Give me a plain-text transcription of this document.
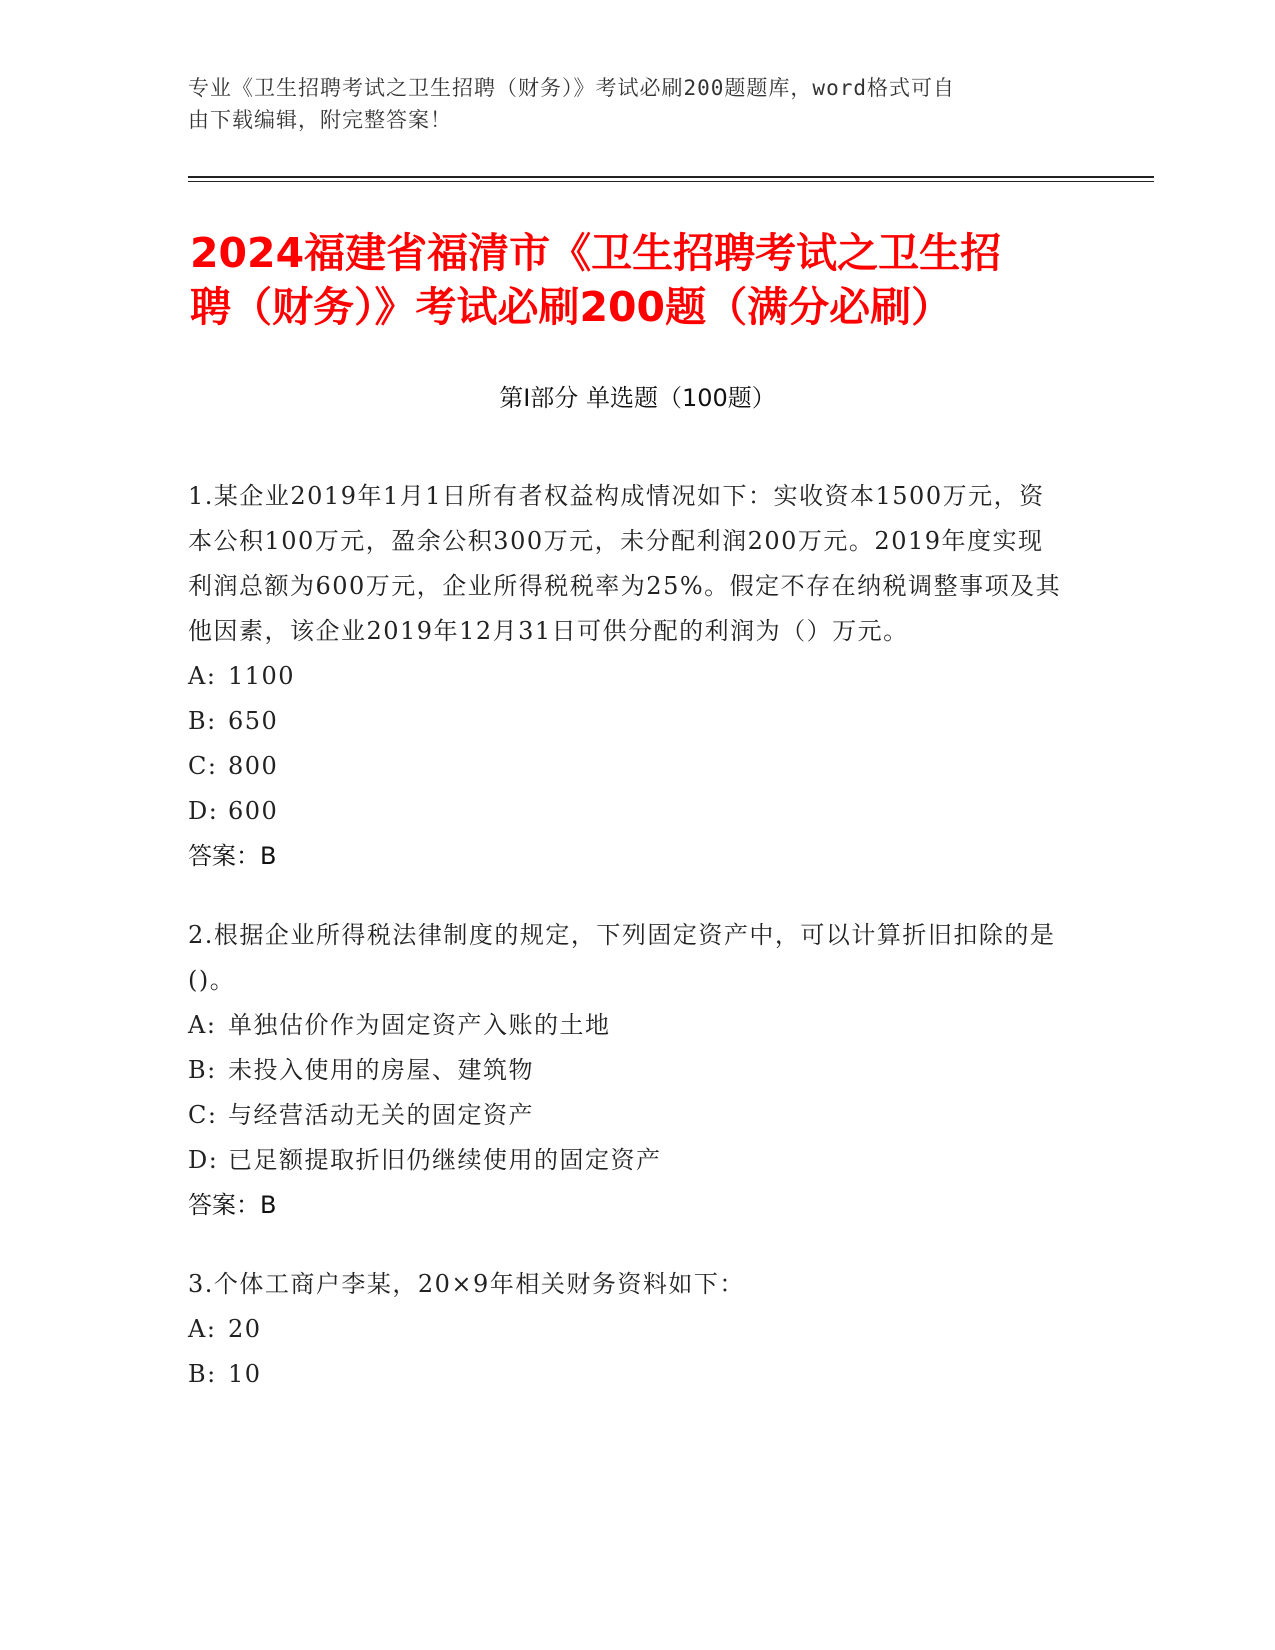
专业《卫生招聘考试之卫生招聘（财务）》考试必刷200题题库，word格式可自
由下载编辑，附完整答案！
2024福建省福清市《卫生招聘考试之卫生招
聘（财务）》考试必刷200题（满分必刷）
第Ⅰ部分 单选题（100题）
1.某企业2019年1月1日所有者权益构成情况如下：实收资本1500万元，资本公积100万元，盈余公积300万元，未分配利润200万元。2019年度实现利润总额为600万元，企业所得税税率为25%。假定不存在纳税调整事项及其他因素，该企业2019年12月31日可供分配的利润为（）万元。
A: 1100
B: 650
C: 800
D: 600
答案：B
2.根据企业所得税法律制度的规定，下列固定资产中，可以计算折旧扣除的是()。
A: 单独估价作为固定资产入账的土地
B: 未投入使用的房屋、建筑物
C: 与经营活动无关的固定资产
D: 已足额提取折旧仍继续使用的固定资产
答案：B
3.个体工商户李某，20×9年相关财务资料如下：
A: 20
B: 10
